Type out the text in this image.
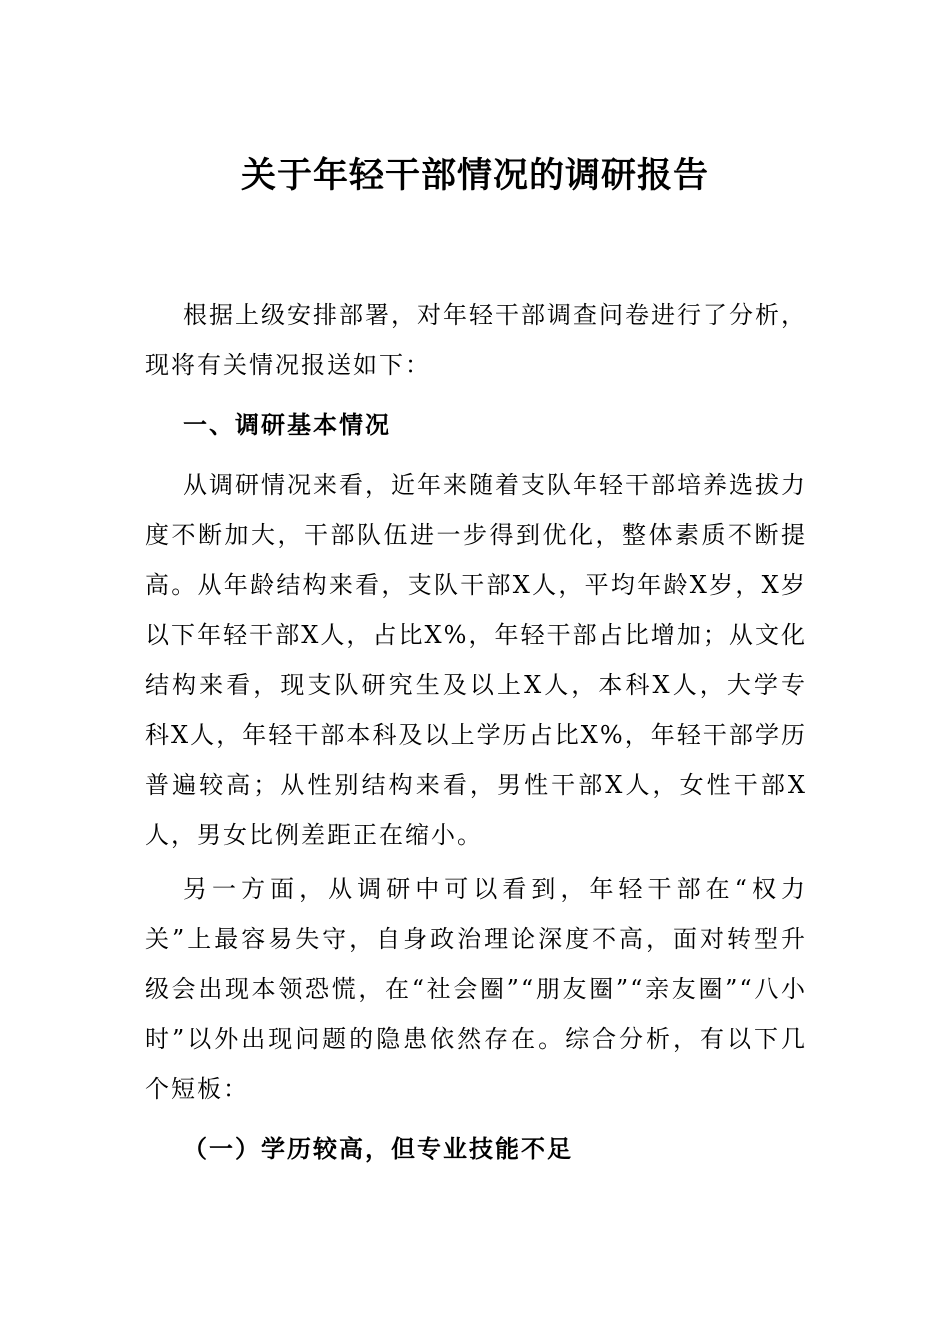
关于年轻干部情况的调研报告

根据上级安排部署，对年轻干部调查问卷进行了分析，现将有关情况报送如下：

一、调研基本情况

从调研情况来看，近年来随着支队年轻干部培养选拔力度不断加大，干部队伍进一步得到优化，整体素质不断提高。从年龄结构来看，支队干部X人，平均年龄X岁，X岁以下年轻干部X人，占比X%，年轻干部占比增加；从文化结构来看，现支队研究生及以上X人，本科X人，大学专科X人，年轻干部本科及以上学历占比X%，年轻干部学历普遍较高；从性别结构来看，男性干部X人，女性干部X人，男女比例差距正在缩小。

另一方面，从调研中可以看到，年轻干部在“权力关”上最容易失守，自身政治理论深度不高，面对转型升级会出现本领恐慌，在“社会圈”“朋友圈”“亲友圈”“八小时”以外出现问题的隐患依然存在。综合分析，有以下几个短板：

（一）学历较高，但专业技能不足
